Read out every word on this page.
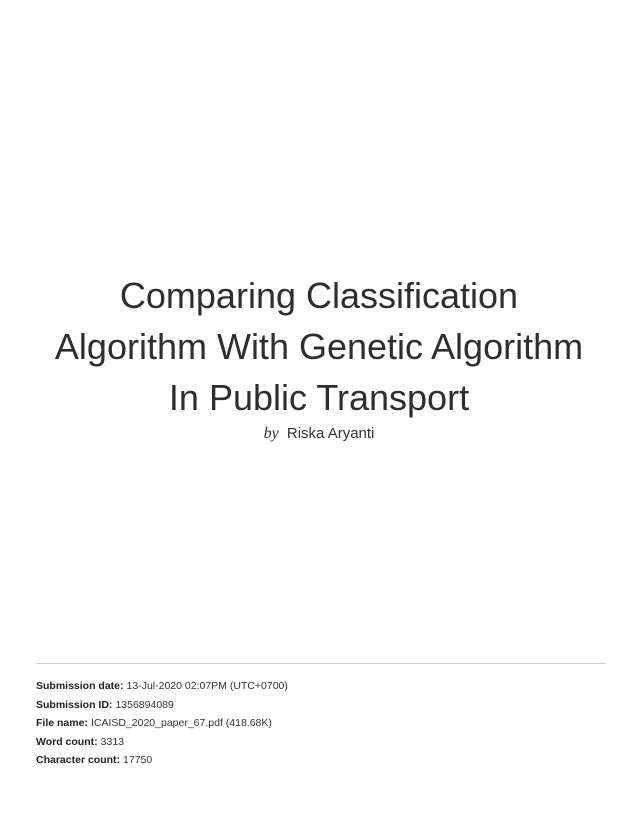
Comparing Classification
Algorithm With Genetic Algorithm
In Public Transport
by Riska Aryanti
Submission date: 13-Jul-2020 02:07PM (UTC+0700)
Submission ID: 1356894089
File name: ICAISD_2020_paper_67.pdf (418.68K)
Word count: 3313
Character count: 17750
